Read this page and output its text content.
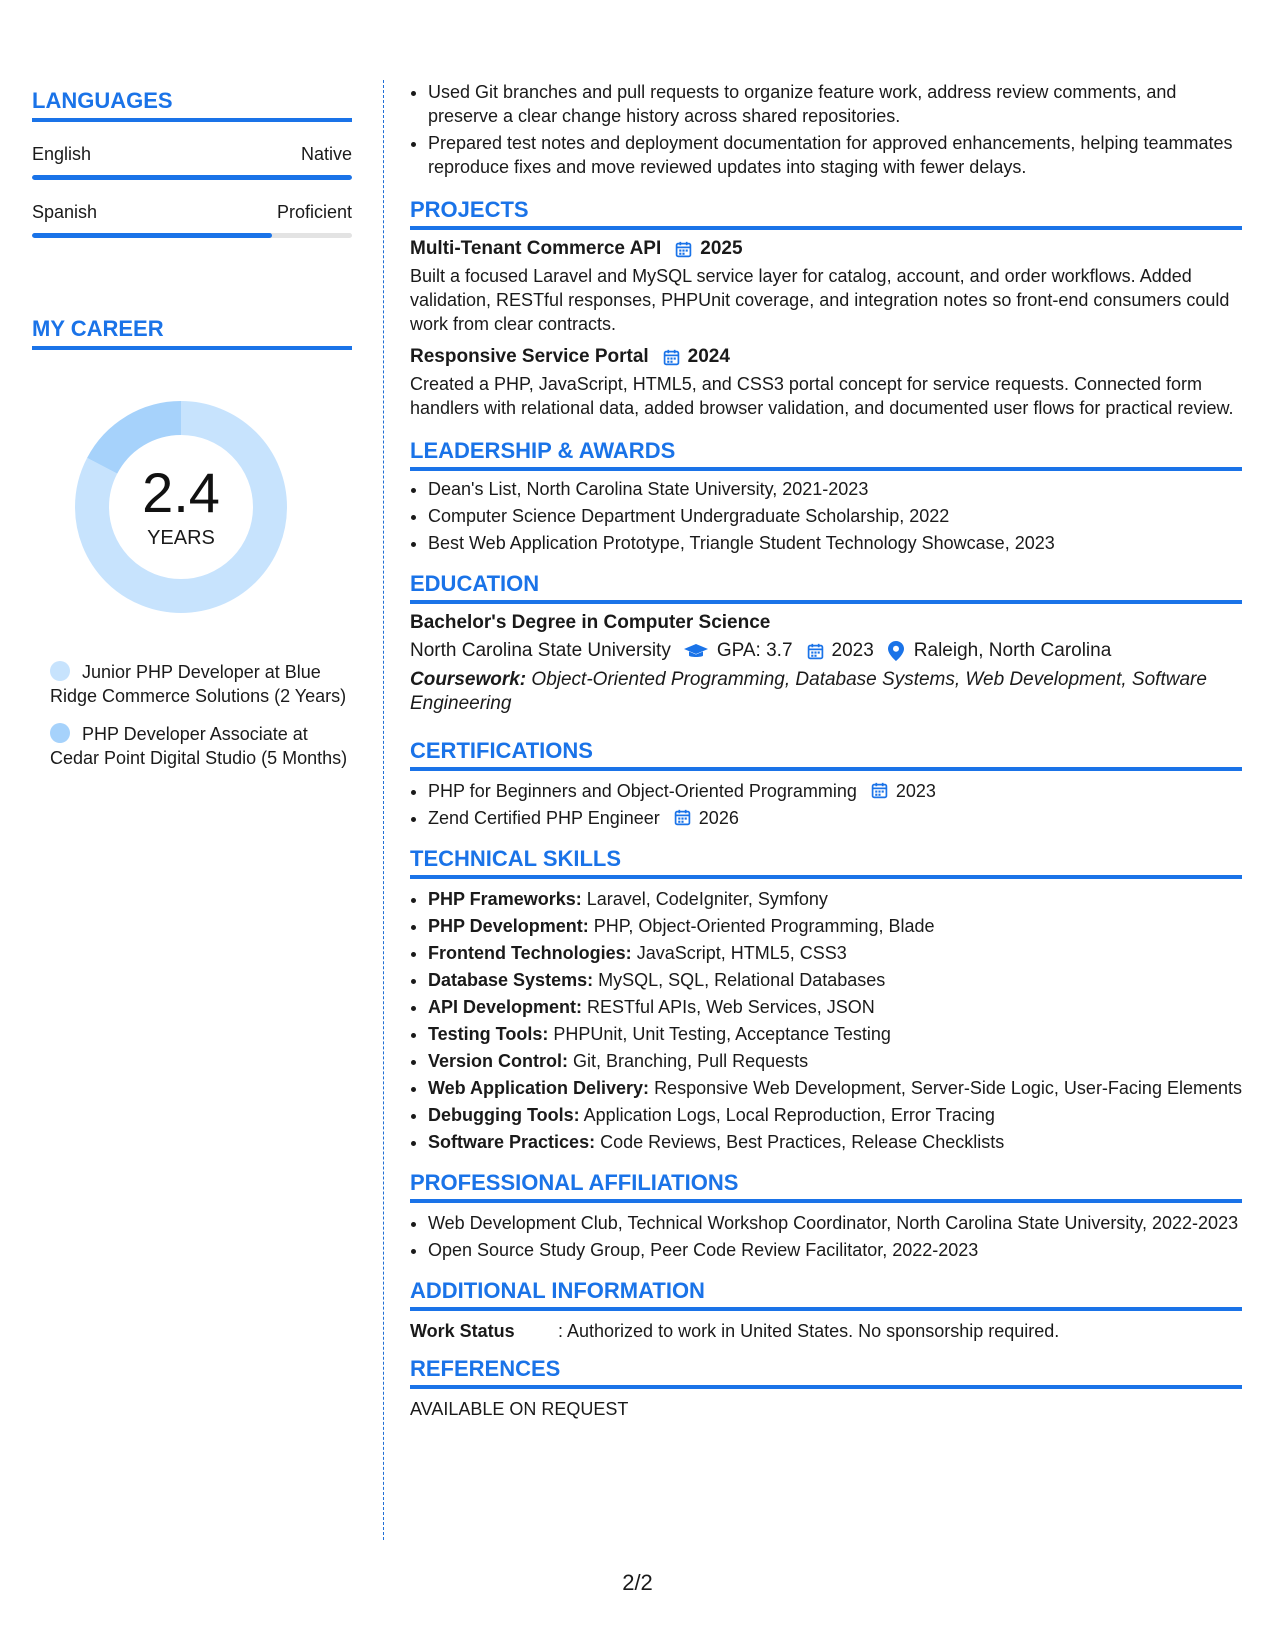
LANGUAGES
English	Native
Spanish	Proficient
MY CAREER
2.4
YEARS
Junior PHP Developer at Blue Ridge Commerce Solutions (2 Years)
PHP Developer Associate at Cedar Point Digital Studio (5 Months)
• Used Git branches and pull requests to organize feature work, address review comments, and preserve a clear change history across shared repositories.
• Prepared test notes and deployment documentation for approved enhancements, helping teammates reproduce fixes and move reviewed updates into staging with fewer delays.
PROJECTS
Multi-Tenant Commerce API 2025
Built a focused Laravel and MySQL service layer for catalog, account, and order workflows. Added validation, RESTful responses, PHPUnit coverage, and integration notes so front-end consumers could work from clear contracts.
Responsive Service Portal 2024
Created a PHP, JavaScript, HTML5, and CSS3 portal concept for service requests. Connected form handlers with relational data, added browser validation, and documented user flows for practical review.
LEADERSHIP & AWARDS
• Dean's List, North Carolina State University, 2021-2023
• Computer Science Department Undergraduate Scholarship, 2022
• Best Web Application Prototype, Triangle Student Technology Showcase, 2023
EDUCATION
Bachelor's Degree in Computer Science
North Carolina State University GPA: 3.7 2023 Raleigh, North Carolina
Coursework: Object-Oriented Programming, Database Systems, Web Development, Software Engineering
CERTIFICATIONS
• PHP for Beginners and Object-Oriented Programming 2023
• Zend Certified PHP Engineer 2026
TECHNICAL SKILLS
• PHP Frameworks: Laravel, CodeIgniter, Symfony
• PHP Development: PHP, Object-Oriented Programming, Blade
• Frontend Technologies: JavaScript, HTML5, CSS3
• Database Systems: MySQL, SQL, Relational Databases
• API Development: RESTful APIs, Web Services, JSON
• Testing Tools: PHPUnit, Unit Testing, Acceptance Testing
• Version Control: Git, Branching, Pull Requests
• Web Application Delivery: Responsive Web Development, Server-Side Logic, User-Facing Elements
• Debugging Tools: Application Logs, Local Reproduction, Error Tracing
• Software Practices: Code Reviews, Best Practices, Release Checklists
PROFESSIONAL AFFILIATIONS
• Web Development Club, Technical Workshop Coordinator, North Carolina State University, 2022-2023
• Open Source Study Group, Peer Code Review Facilitator, 2022-2023
ADDITIONAL INFORMATION
Work Status	: Authorized to work in United States. No sponsorship required.
REFERENCES
AVAILABLE ON REQUEST
2/2
